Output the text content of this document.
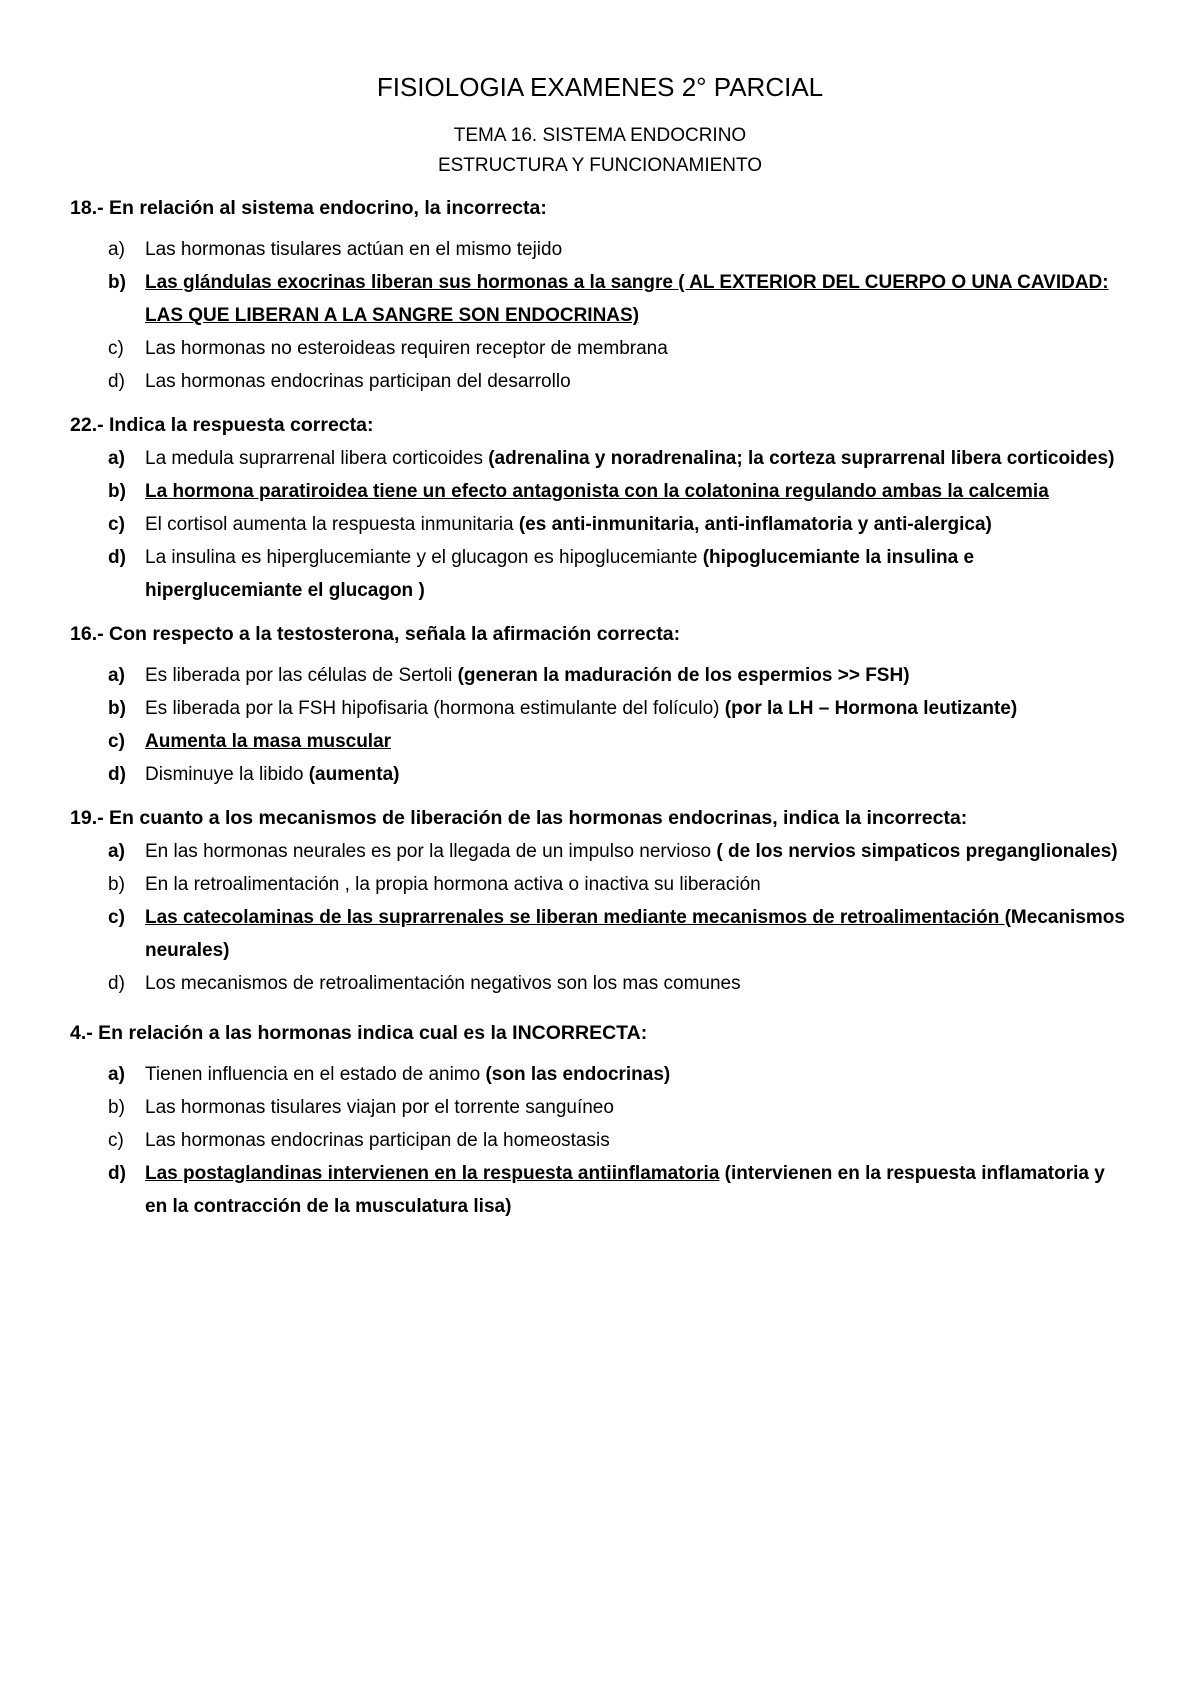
FISIOLOGIA EXAMENES 2° PARCIAL

TEMA 16. SISTEMA ENDOCRINO

ESTRUCTURA Y FUNCIONAMIENTO

18.- En relación al sistema endocrino, la incorrecta:
a)	Las hormonas tisulares actúan en el mismo tejido
b)	Las glándulas exocrinas liberan sus hormonas a la sangre ( AL EXTERIOR DEL CUERPO O UNA CAVIDAD: LAS QUE LIBERAN A LA SANGRE SON ENDOCRINAS)
c)	Las hormonas no esteroideas requiren receptor de membrana
d)	Las hormonas endocrinas participan del desarrollo
22.- Indica la respuesta correcta:
a)	La medula suprarrenal libera corticoides (adrenalina y noradrenalina; la corteza suprarrenal libera corticoides)
b)	La hormona paratiroidea tiene un efecto antagonista con la colatonina regulando ambas la calcemia
c)	El cortisol aumenta la respuesta inmunitaria (es anti-inmunitaria, anti-inflamatoria y anti-alergica)
d)	La insulina es hiperglucemiante y el glucagon es hipoglucemiante (hipoglucemiante la insulina e hiperglucemiante el glucagon )
16.- Con respecto a la testosterona, señala la afirmación correcta:
a)	Es liberada por las células de Sertoli (generan la maduración de los espermios >> FSH)
b)	Es liberada por la FSH hipofisaria (hormona estimulante del folículo) (por la LH – Hormona leutizante)
c)	Aumenta la masa muscular
d)	Disminuye la libido (aumenta)
19.- En cuanto a los mecanismos de liberación de las hormonas endocrinas, indica la incorrecta:
a)	En las hormonas neurales es por la llegada de un impulso nervioso ( de los nervios simpaticos preganglionales)
b)	En la retroalimentación , la propia hormona activa o inactiva su liberación
c)	Las catecolaminas de las suprarrenales se liberan mediante mecanismos de retroalimentación (Mecanismos neurales)
d)	Los mecanismos de retroalimentación negativos son los mas comunes
4.- En relación a las hormonas indica cual es la INCORRECTA:
a)	Tienen influencia en el estado de animo (son las endocrinas)
b)	Las hormonas tisulares viajan por el torrente sanguíneo
c)	Las hormonas endocrinas participan de la homeostasis
d)	Las postaglandinas intervienen en la respuesta antiinflamatoria (intervienen en la respuesta inflamatoria y en la contracción de la musculatura lisa)
